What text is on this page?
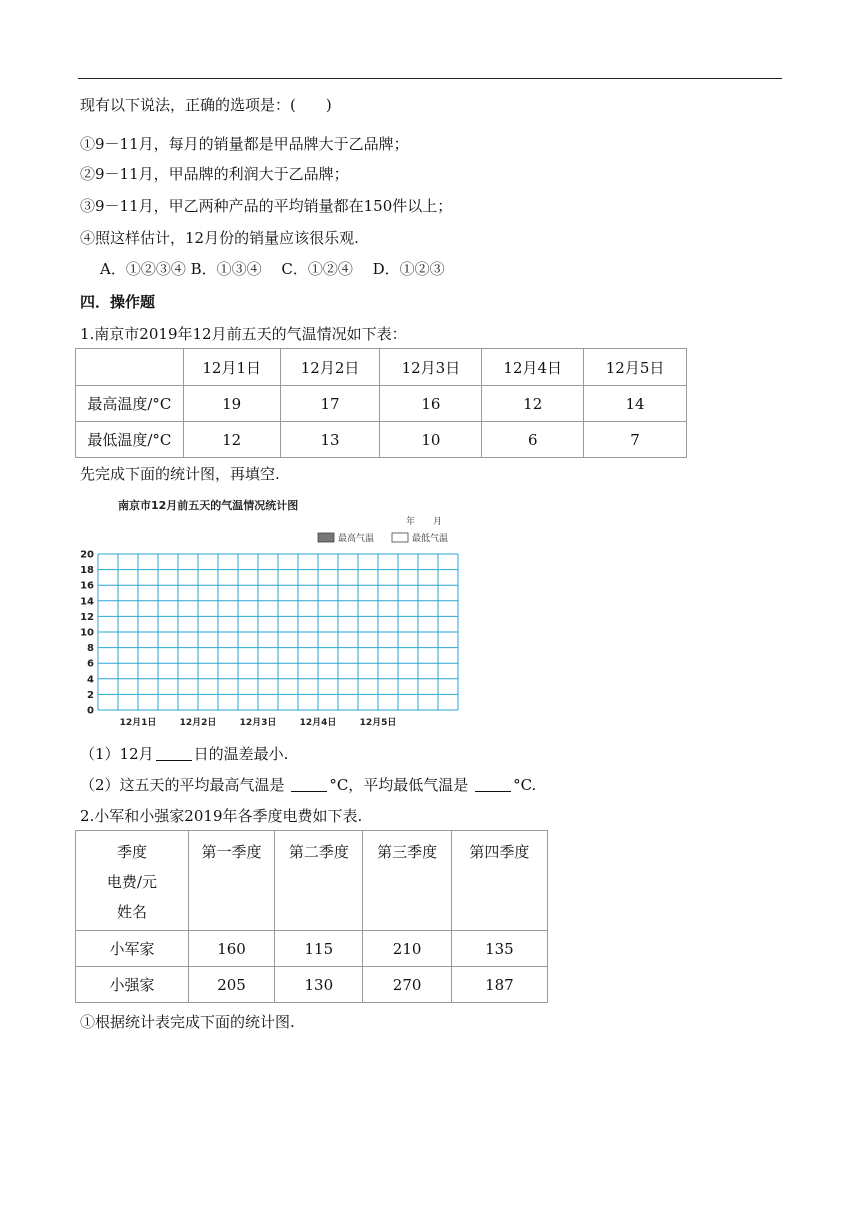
现有以下说法，正确的选项是：(　　)
①9－11月，每月的销量都是甲品牌大于乙品牌；
②9－11月，甲品牌的利润大于乙品牌；
③9－11月，甲乙两种产品的平均销量都在150件以上；
④照这样估计，12月份的销量应该很乐观.
A．①②③④ B．①③④　 C．①②④　 D．①②③
四．操作题
1.南京市2019年12月前五天的气温情况如下表：
	12月1日	12月2日	12月3日	12月4日	12月5日
最高温度/°C	19	17	16	12	14
最低温度/°C	12	13	10	6	7
先完成下面的统计图，再填空.
南京市12月前五天的气温情况统计图
年　　月
最高气温	最低气温
0
2
4
6
8
10
12
14
16
18
20
12月1日	12月2日	12月3日	12月4日	12月5日
（1）12月	日的温差最小.
（2）这五天的平均最高气温是	°C，平均最低气温是	°C.
2.小军和小强家2019年各季度电费如下表.
季度
电费/元
姓名	第一季度	第二季度	第三季度	第四季度
小军家	160	115	210	135
小强家	205	130	270	187
①根据统计表完成下面的统计图.
